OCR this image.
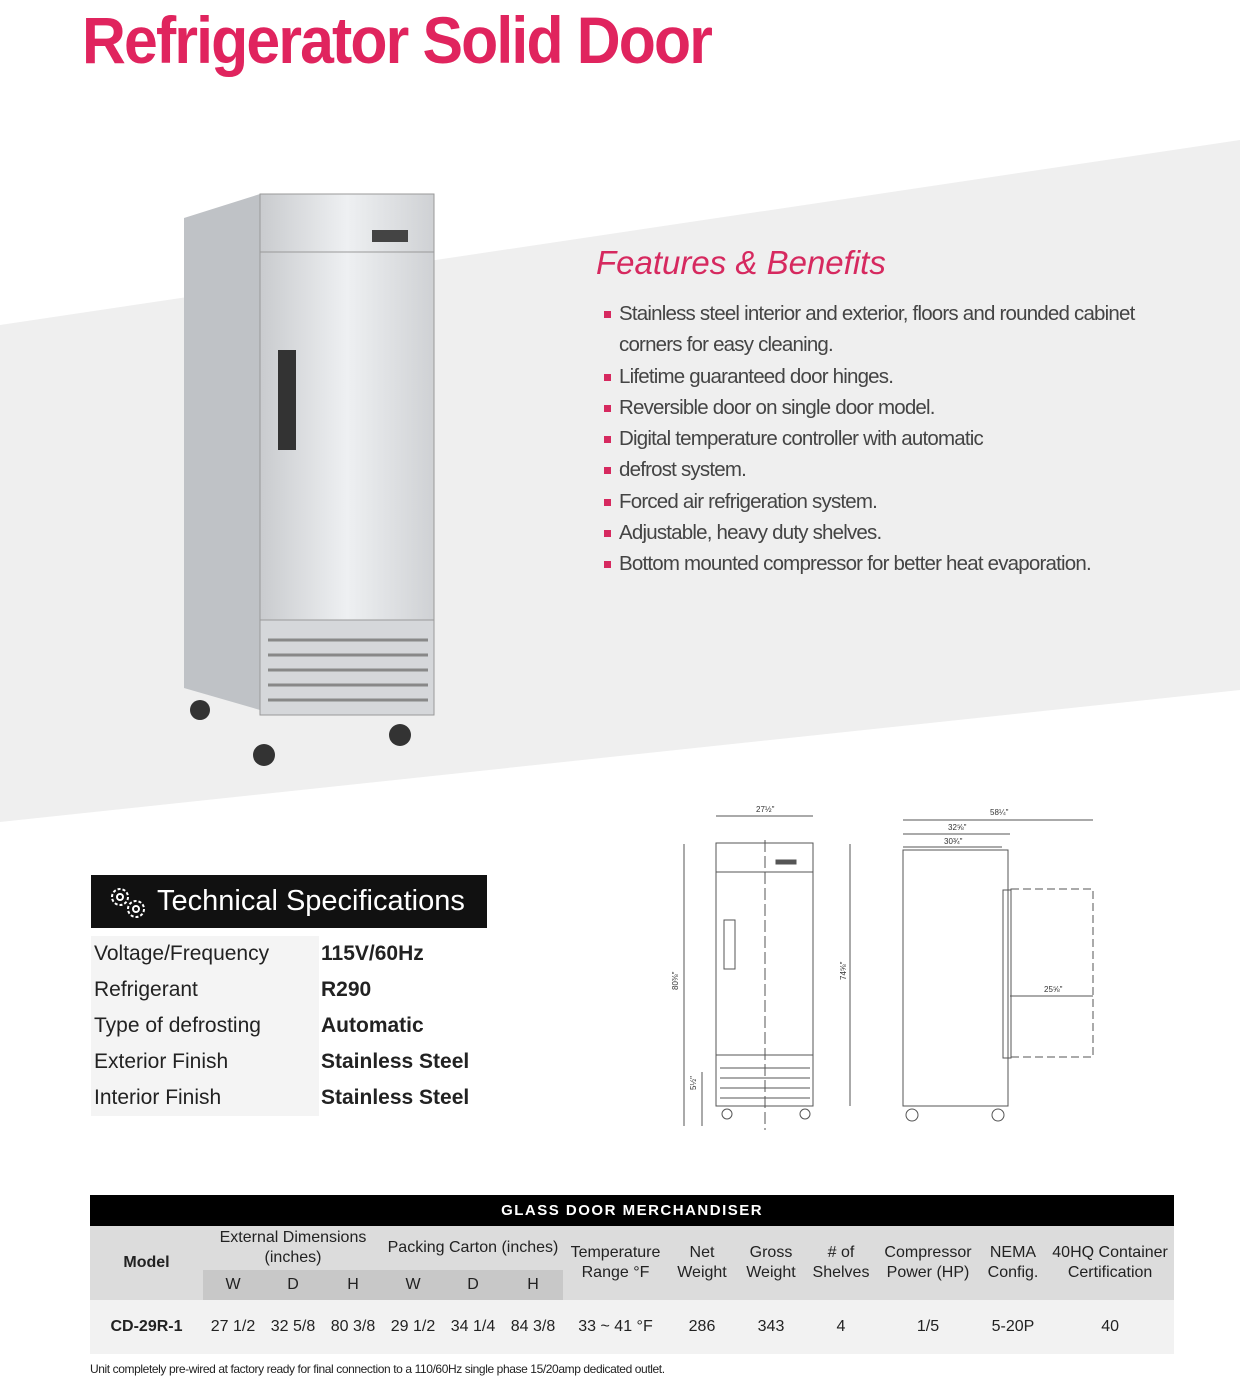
Refrigerator Solid Door
Features & Benefits
Stainless steel interior and exterior, floors and rounded cabinet corners for easy cleaning.
Lifetime guaranteed door hinges.
Reversible door on single door model.
Digital temperature controller with automatic
defrost system.
Forced air refrigeration system.
Adjustable, heavy duty shelves.
Bottom mounted compressor for better heat evaporation.
Technical Specifications
Voltage/Frequency	115V/60Hz
Refrigerant	R290
Type of defrosting	Automatic
Exterior Finish	Stainless Steel
Interior Finish	Stainless Steel
27½"
80⅜"
74⅝"
5½"
58¼"
32⅝"
30¾"
25⅝"
GLASS DOOR MERCHANDISER													
Model	External Dimensions (inches)			Packing Carton (inches)			Temperature Range °F	Net Weight	Gross Weight	# of Shelves	Compressor Power (HP)	NEMA Config.	40HQ Container Certification
	W	D	H	W	D	H							
CD-29R-1	27 1/2	32 5/8	80 3/8	29 1/2	34 1/4	84 3/8	33 ~ 41 °F	286	343	4	1/5	5-20P	40
Unit completely pre-wired at factory ready for final connection to a 110/60Hz single phase 15/20amp dedicated outlet.
